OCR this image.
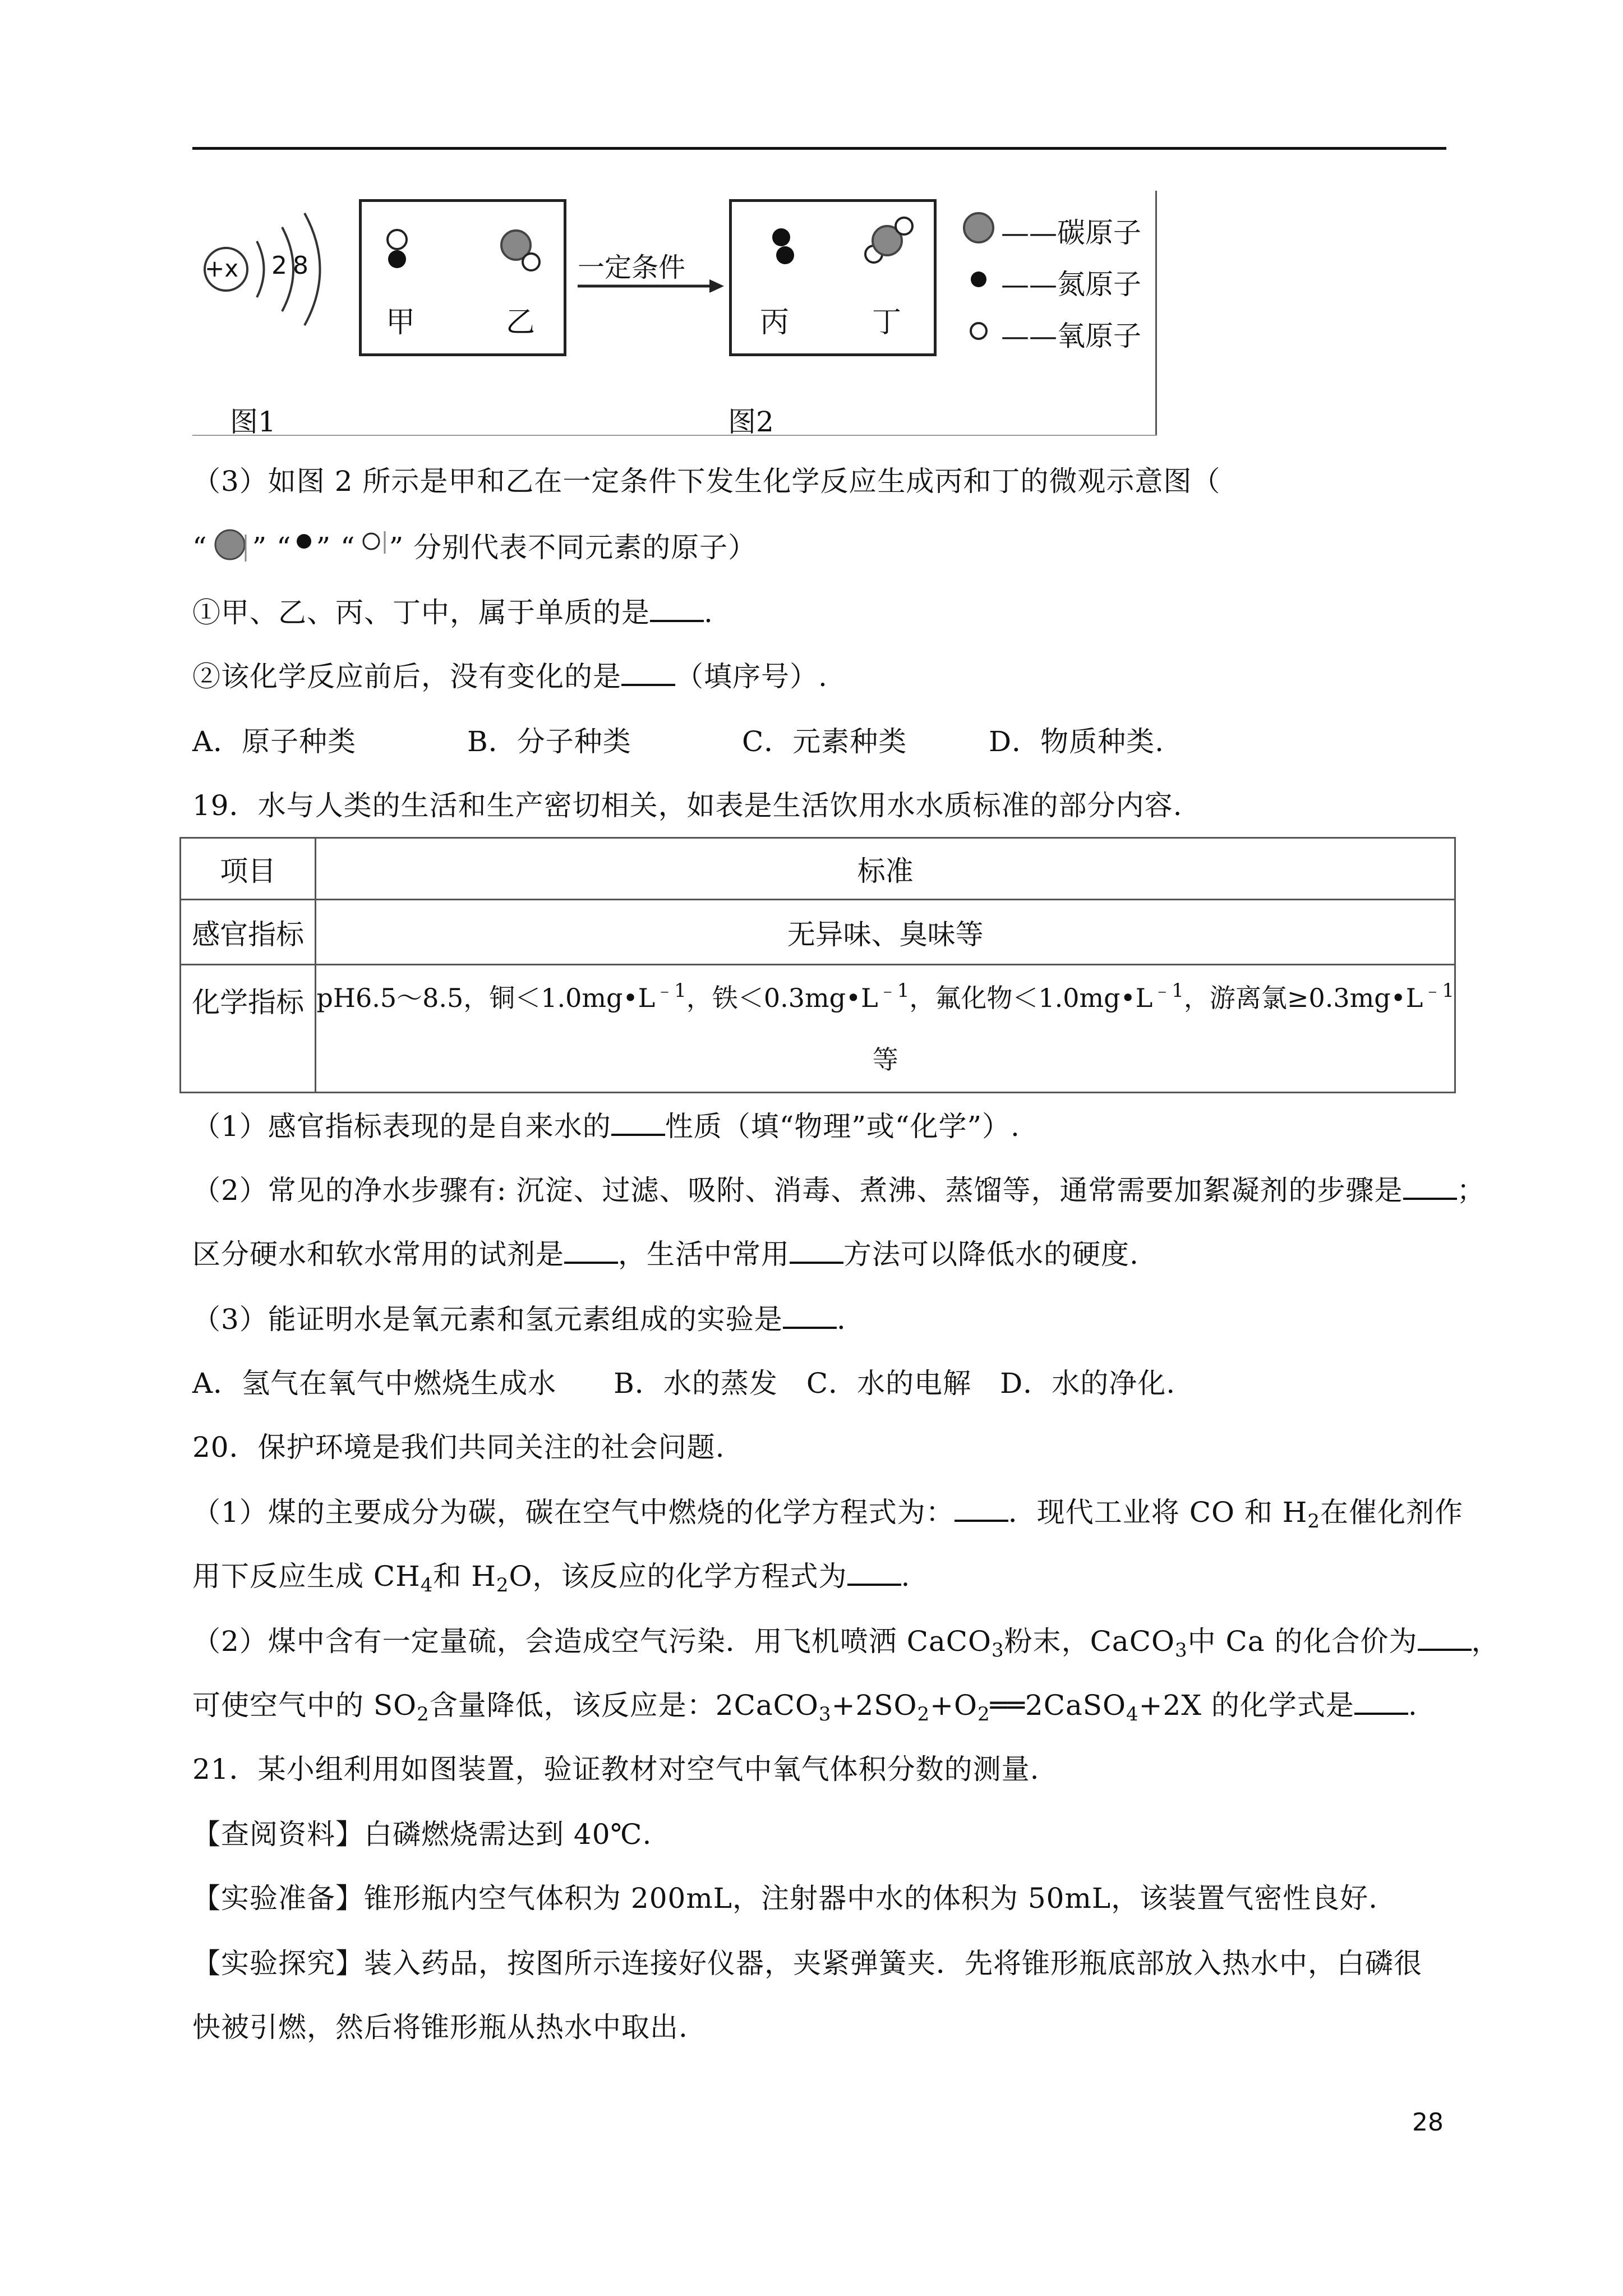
+x 2 8
甲	乙
一定条件
丙	丁
——碳原子
——氮原子
——氧原子
图1	图2
（3）如图 2 所示是甲和乙在一定条件下发生化学反应生成丙和丁的微观示意图（
“ ” “ ” “ ” 分别代表不同元素的原子）
①甲、乙、丙、丁中，属于单质的是 .
②该化学反应前后，没有变化的是 （填序号）.
A．原子种类	B．分子种类	C．元素种类	D．物质种类.
19．水与人类的生活和生产密切相关，如表是生活饮用水水质标准的部分内容.
项目	标准
感官指标	无异味、臭味等
化学指标	pH6.5～8.5，铜$<1.0mg•L^{﹣1}$，铁$<0.3mg•L^{﹣1}$，氟化物$<1.0mg•L^{﹣1}$，游离氯$\ge 0.3mg•L^{﹣1}$
等
（1）感官指标表现的是自来水的 性质（填“物理”或“化学”）.
（2）常见的净水步骤有: 沉淀、过滤、吸附、消毒、煮沸、蒸馏等，通常需要加絮凝剂的步骤是 ；
区分硬水和软水常用的试剂是 ，生活中常用 方法可以降低水的硬度.
（3）能证明水是氧元素和氢元素组成的实验是 .
A．氢气在氧气中燃烧生成水　　B．水的蒸发　C．水的电解　D．水的净化.
20．保护环境是我们共同关注的社会问题.
（1）煤的主要成分为碳，碳在空气中燃烧的化学方程式为： ．现代工业将 CO 和 $H_2$在催化剂作
用下反应生成 $CH_4$和 $H_2O$，该反应的化学方程式为 .
（2）煤中含有一定量硫，会造成空气污染．用飞机喷洒 CaCO$_3$粉末，CaCO$_3$中 Ca 的化合价为 ，
可使空气中的 $SO_2$含量降低，该反应是：$2CaCO_3+2SO_2+O_2══2CaSO_4+2X$ 的化学式是 .
21．某小组利用如图装置，验证教材对空气中氧气体积分数的测量.
【查阅资料】白磷燃烧需达到 40℃.
【实验准备】锥形瓶内空气体积为 200mL，注射器中水的体积为 50mL，该装置气密性良好.
【实验探究】装入药品，按图所示连接好仪器，夹紧弹簧夹．先将锥形瓶底部放入热水中，白磷很
快被引燃，然后将锥形瓶从热水中取出.
28
